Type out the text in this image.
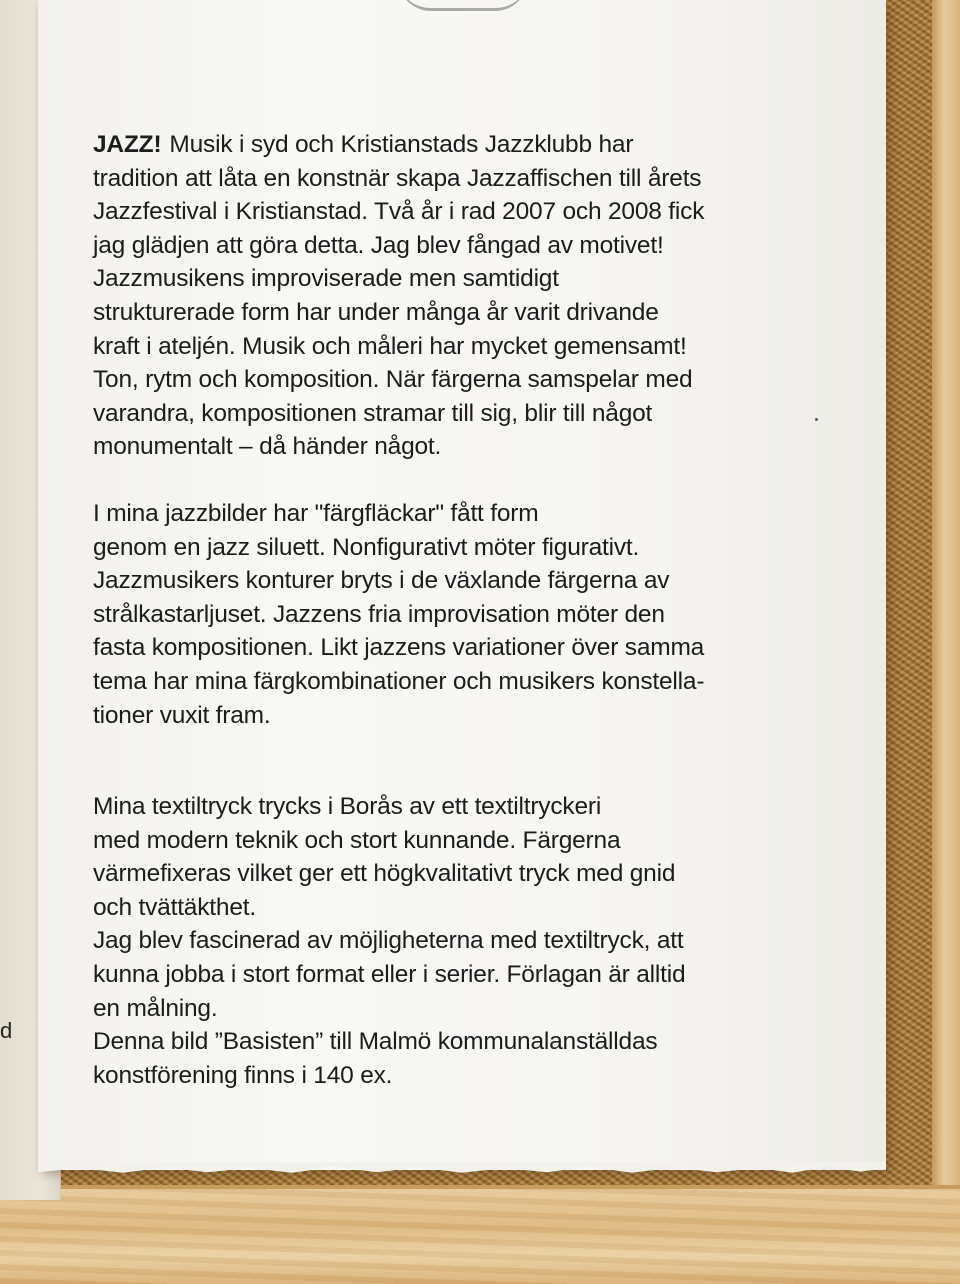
d
JAZZ! Musik i syd och Kristianstads Jazzklubb har
tradition att låta en konstnär skapa Jazzaffischen till årets
Jazzfestival i Kristianstad. Två år i rad 2007 och 2008 fick
jag glädjen att göra detta. Jag blev fångad av motivet!
Jazzmusikens improviserade men samtidigt
strukturerade form har under många år varit drivande
kraft i ateljén. Musik och måleri har mycket gemensamt!
Ton, rytm och komposition. När färgerna samspelar med
varandra, kompositionen stramar till sig, blir till något
monumentalt – då händer något.
I mina jazzbilder har "färgfläckar" fått form
genom en jazz siluett. Nonfigurativt möter figurativt.
Jazzmusikers konturer bryts i de växlande färgerna av
strålkastarljuset. Jazzens fria improvisation möter den
fasta kompositionen. Likt jazzens variationer över samma
tema har mina färgkombinationer och musikers konstella-
tioner vuxit fram.
Mina textiltryck trycks i Borås av ett textiltryckeri
med modern teknik och stort kunnande. Färgerna
värmefixeras vilket ger ett högkvalitativt tryck med gnid
och tvättäkthet.
Jag blev fascinerad av möjligheterna med textiltryck, att
kunna jobba i stort format eller i serier. Förlagan är alltid
en målning.
Denna bild ”Basisten” till Malmö kommunalanställdas
konstförening finns i 140 ex.
